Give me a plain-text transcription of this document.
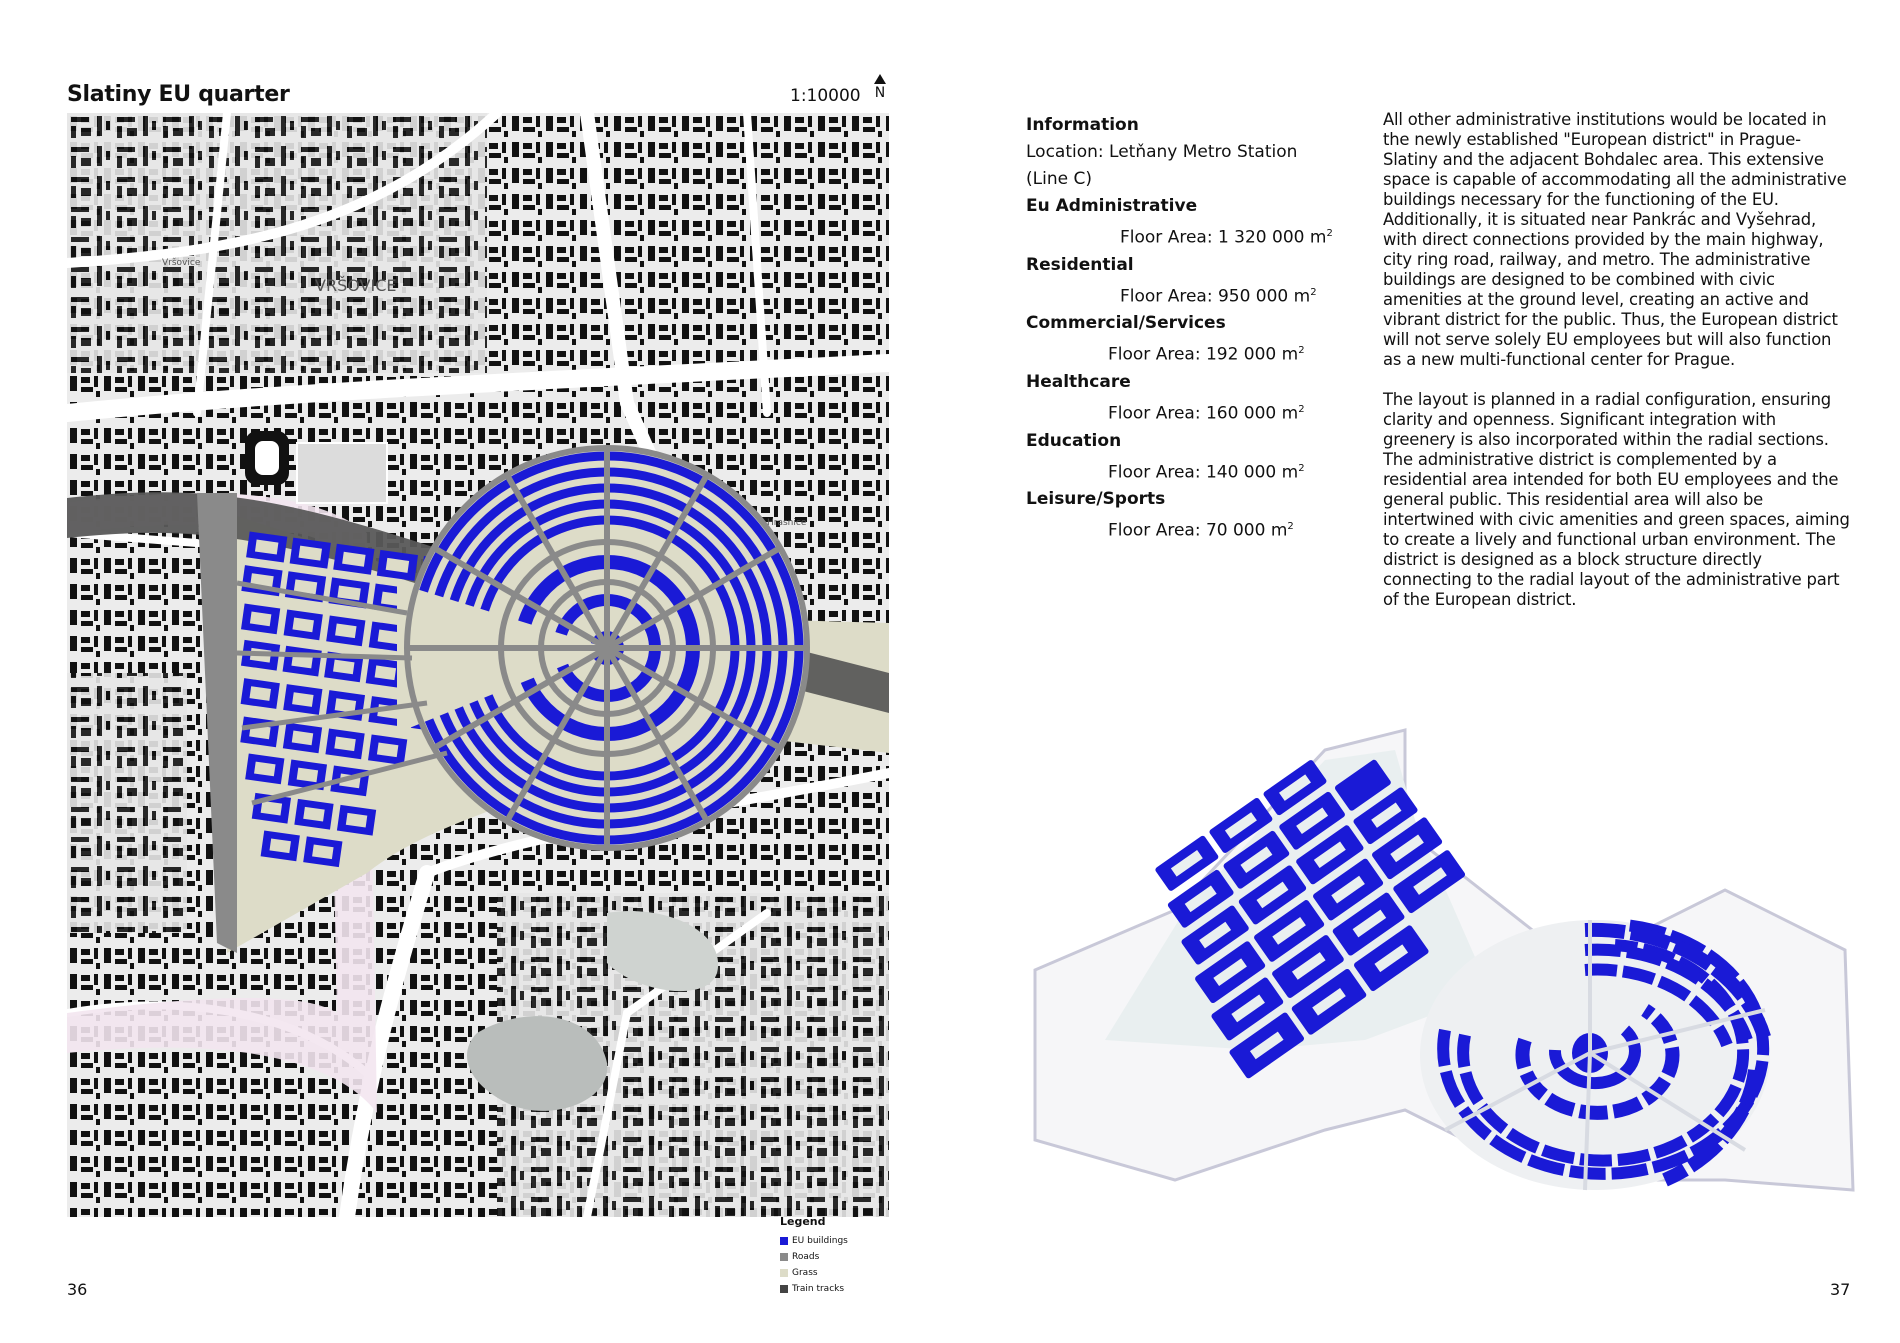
Slatiny EU quarter	1:10000 N
VRŠOVICE
Hrasnice
Vršovice
Legend
EU buildings
Roads
Grass
Train tracks
36
Information
Location: Letňany Metro Station
(Line C)
Eu Administrative
Floor Area: 1 320 000 $m^2$
Residential
Floor Area: 950 000 $m^2$
Commercial/Services
Floor Area: 192 000 $m^2$
Healthcare
Floor Area: 160 000 $m^2$
Education
Floor Area: 140 000 $m^2$
Leisure/Sports
Floor Area: 70 000 $m^2$

All other administrative institutions would be located in the newly established "European district" in Prague-Slatiny and the adjacent Bohdalec area. This extensive space is capable of accommodating all the administrative buildings necessary for the functioning of the EU. Additionally, it is situated near Pankrác and Vyšehrad, with direct connections provided by the main highway, city ring road, railway, and metro. The administrative buildings are designed to be combined with civic amenities at the ground level, creating an active and vibrant district for the public. Thus, the European district will not serve solely EU employees but will also function as a new multi-functional center for Prague.

The layout is planned in a radial configuration, ensuring clarity and openness. Significant integration with greenery is also incorporated within the radial sections. The administrative district is complemented by a residential area intended for both EU employees and the general public. This residential area will also be intertwined with civic amenities and green spaces, aiming to create a lively and functional urban environment. The district is designed as a block structure directly connecting to the radial layout of the administrative part of the European district.

37
